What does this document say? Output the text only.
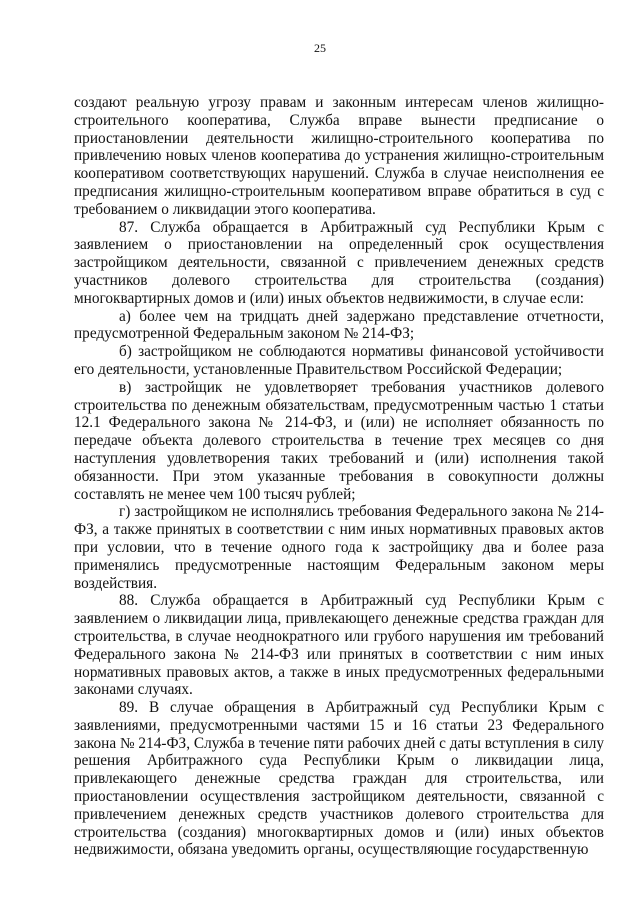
25

создают реальную угрозу правам и законным интересам членов жилищно-строительного кооператива, Служба вправе вынести предписание о приостановлении деятельности жилищно-строительного кооператива по привлечению новых членов кооператива до устранения жилищно-строительным кооперативом соответствующих нарушений. Служба в случае неисполнения ее предписания жилищно-строительным кооперативом вправе обратиться в суд с требованием о ликвидации этого кооператива.

87. Служба обращается в Арбитражный суд Республики Крым с заявлением о приостановлении на определенный срок осуществления застройщиком деятельности, связанной с привлечением денежных средств участников долевого строительства для строительства (создания) многоквартирных домов и (или) иных объектов недвижимости, в случае если:

а) более чем на тридцать дней задержано представление отчетности, предусмотренной Федеральным законом № 214-ФЗ;

б) застройщиком не соблюдаются нормативы финансовой устойчивости его деятельности, установленные Правительством Российской Федерации;

в) застройщик не удовлетворяет требования участников долевого строительства по денежным обязательствам, предусмотренным частью 1 статьи 12.1 Федерального закона № 214-ФЗ, и (или) не исполняет обязанность по передаче объекта долевого строительства в течение трех месяцев со дня наступления удовлетворения таких требований и (или) исполнения такой обязанности. При этом указанные требования в совокупности должны составлять не менее чем 100 тысяч рублей;

г) застройщиком не исполнялись требования Федерального закона № 214-ФЗ, а также принятых в соответствии с ним иных нормативных правовых актов при условии, что в течение одного года к застройщику два и более раза применялись предусмотренные настоящим Федеральным законом меры воздействия.

88. Служба обращается в Арбитражный суд Республики Крым с заявлением о ликвидации лица, привлекающего денежные средства граждан для строительства, в случае неоднократного или грубого нарушения им требований Федерального закона № 214-ФЗ или принятых в соответствии с ним иных нормативных правовых актов, а также в иных предусмотренных федеральными законами случаях.

89. В случае обращения в Арбитражный суд Республики Крым с заявлениями, предусмотренными частями 15 и 16 статьи 23 Федерального закона № 214-ФЗ, Служба в течение пяти рабочих дней с даты вступления в силу решения Арбитражного суда Республики Крым о ликвидации лица, привлекающего денежные средства граждан для строительства, или приостановлении осуществления застройщиком деятельности, связанной с привлечением денежных средств участников долевого строительства для строительства (создания) многоквартирных домов и (или) иных объектов недвижимости, обязана уведомить органы, осуществляющие государственную
